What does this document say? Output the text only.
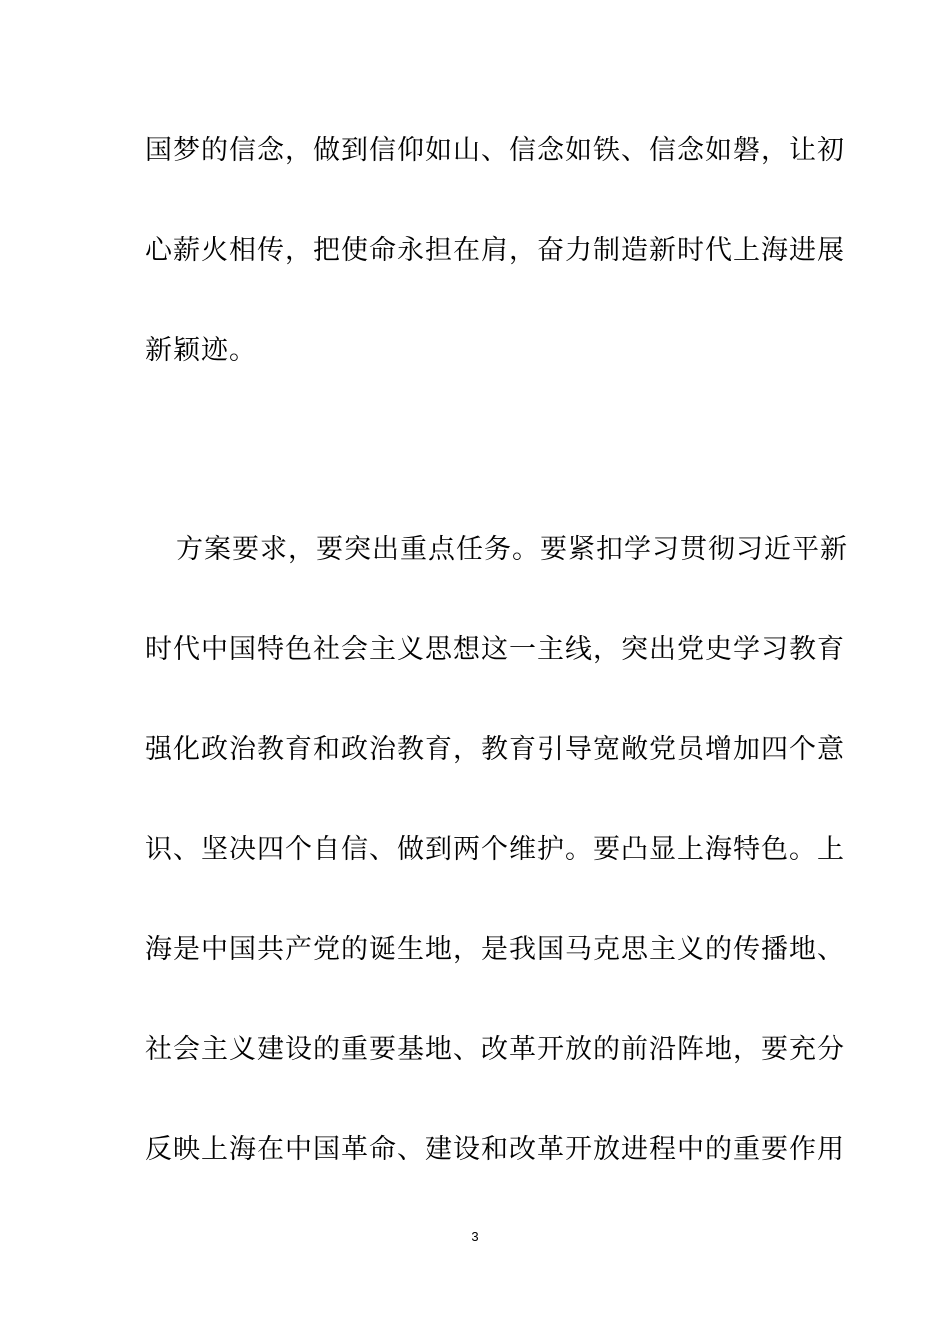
国梦的信念，做到信仰如山、信念如铁、信念如磐，让初
心薪火相传，把使命永担在肩，奋力制造新时代上海进展
新颖迹。
方案要求，要突出重点任务。要紧扣学习贯彻习近平新
时代中国特色社会主义思想这一主线，突出党史学习教育
强化政治教育和政治教育，教育引导宽敞党员增加四个意
识、坚决四个自信、做到两个维护。要凸显上海特色。上
海是中国共产党的诞生地，是我国马克思主义的传播地、
社会主义建设的重要基地、改革开放的前沿阵地，要充分
反映上海在中国革命、建设和改革开放进程中的重要作用
3
